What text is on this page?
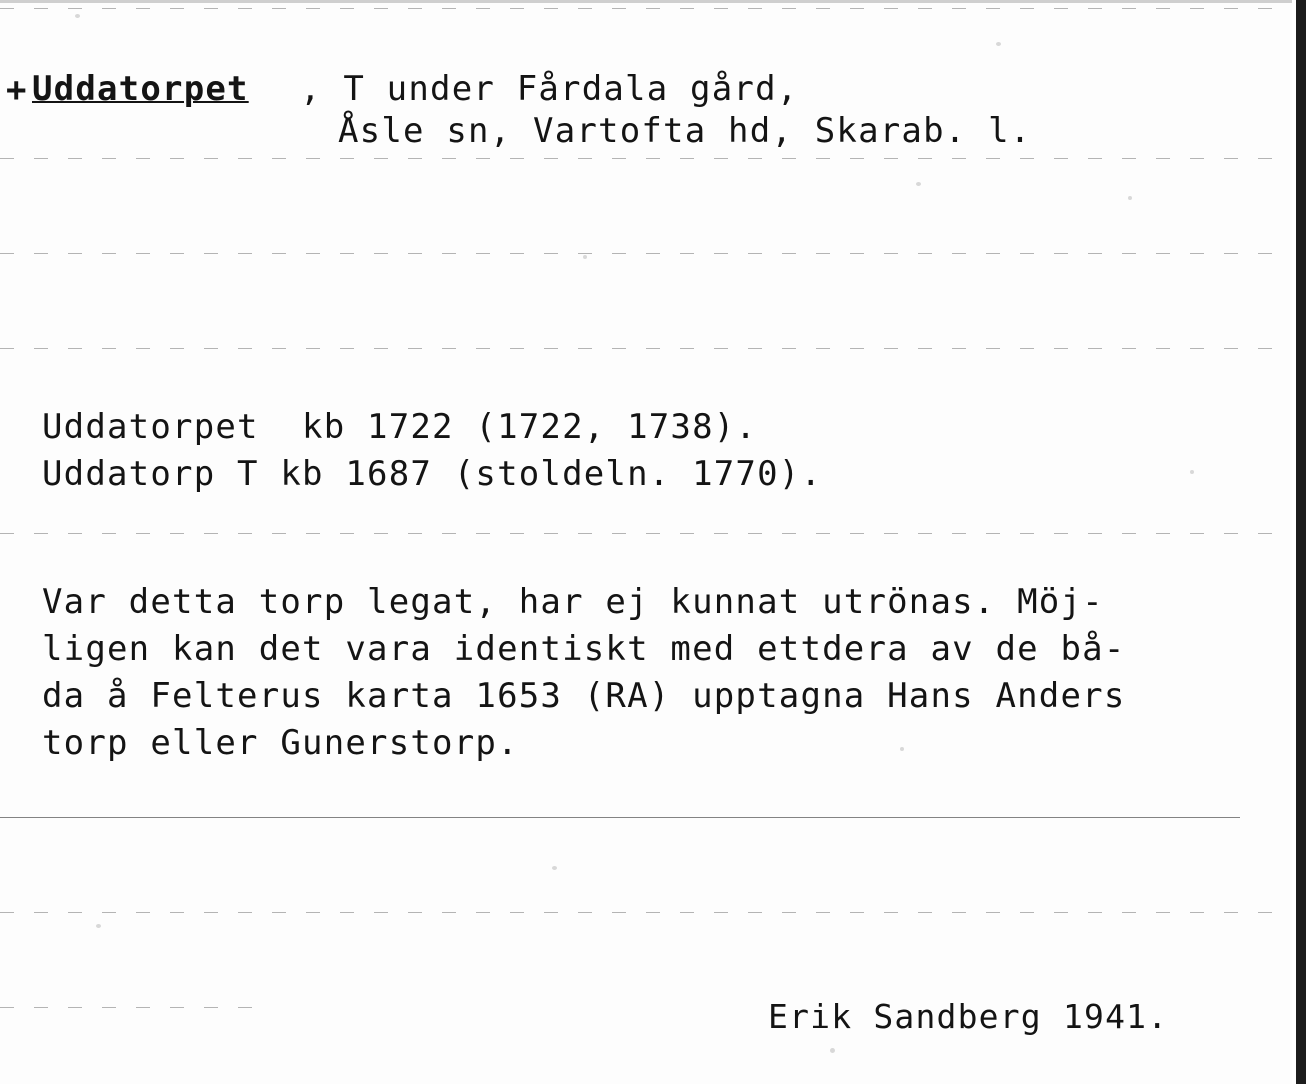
+ Uddatorpet , T under Fårdala gård,
Åsle sn, Vartofta hd, Skarab. l.
Uddatorpet  kb 1722 (1722, 1738).
Uddatorp T kb 1687 (stoldeln. 1770).
Var detta torp legat, har ej kunnat utrönas. Möj-
ligen kan det vara identiskt med ettdera av de bå-
da å Felterus karta 1653 (RA) upptagna Hans Anders
torp eller Gunerstorp.
Erik Sandberg 1941.
